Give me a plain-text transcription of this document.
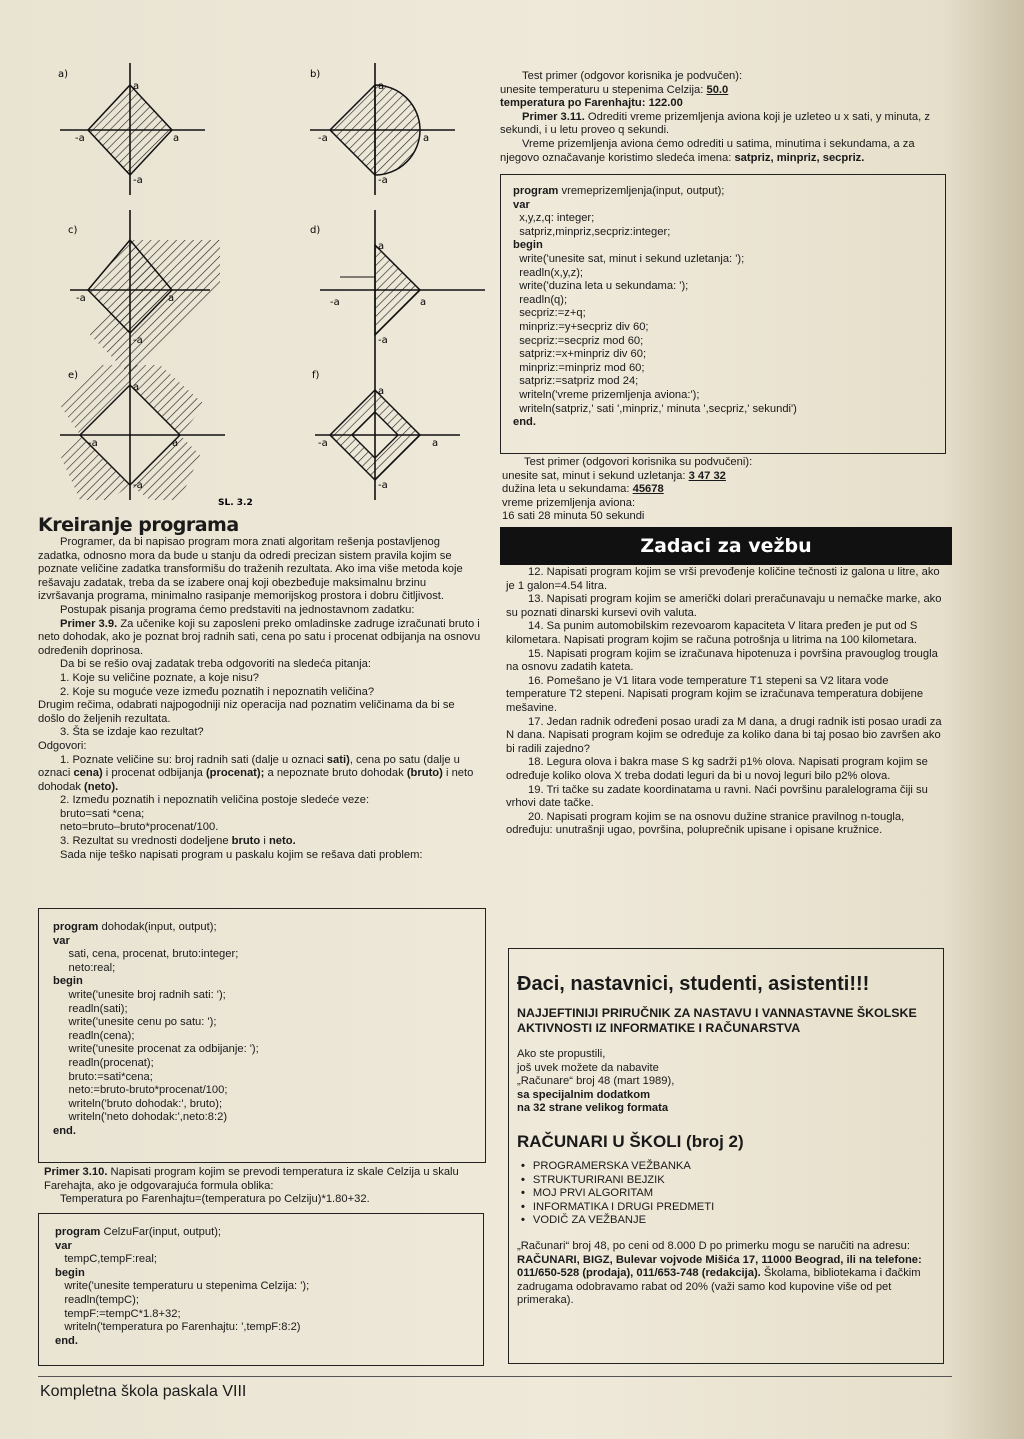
a)
a
-a	a
-a
b)
a
-a	a
-a
c)
-a	a
-a
d)
a
-a	a
-a
e)
a
-a	a
-a
f)
a
-a	a
-a
SL. 3.2
Kreiranje programa

Programer, da bi napisao program mora znati algoritam rešenja postavljenog zadatka, odnosno mora da bude u stanju da odredi precizan sistem pravila kojim se poznate veličine zadatka transformišu do traženih rezultata. Ako ima više metoda koje rešavaju zadatak, treba da se izabere onaj koji obezbeđuje maksimalnu brzinu izvršavanja programa, minimalno rasipanje memorijskog prostora i dobru čitljivost.

Postupak pisanja programa ćemo predstaviti na jednostavnom zadatku:

Primer 3.9. Za učenike koji su zaposleni preko omladinske zadruge izračunati bruto i neto dohodak, ako je poznat broj radnih sati, cena po satu i procenat odbijanja na osnovu određenih doprinosa.

Da bi se rešio ovaj zadatak treba odgovoriti na sledeća pitanja:

1. Koje su veličine poznate, a koje nisu?

2. Koje su moguće veze između poznatih i nepoznatih veličina?

Drugim rečima, odabrati najpogodniji niz operacija nad poznatim veličinama da bi se došlo do željenih rezultata.

3. Šta se izdaje kao rezultat?

Odgovori:

1. Poznate veličine su: broj radnih sati (dalje u oznaci sati), cena po satu (dalje u oznaci cena) i procenat odbijanja (procenat); a nepoznate bruto dohodak (bruto) i neto dohodak (neto).

2. Između poznatih i nepoznatih veličina postoje sledeće veze:

bruto=sati *cena;

neto=bruto–bruto*procenat/100.

3. Rezultat su vrednosti dodeljene bruto i neto.

Sada nije teško napisati program u paskalu kojim se rešava dati problem:

program dohodak(input, output);
var
sati, cena, procenat, bruto:integer;
neto:real;
begin
write('unesite broj radnih sati: ');
readln(sati);
write('unesite cenu po satu: ');
readln(cena);
write('unesite procenat za odbijanje: ');
readln(procenat);
bruto:=sati*cena;
neto:=bruto-bruto*procenat/100;
writeln('bruto dohodak:', bruto);
writeln('neto dohodak:',neto:8:2)
end.

Primer 3.10. Napisati program kojim se prevodi temperatura iz skale Celzija u skalu Farehajta, ako je odgovarajuća formula oblika:

Temperatura po Farenhajtu=(temperatura po Celziju)*1.80+32.

program CelzuFar(input, output);
var
tempC,tempF:real;
begin
write('unesite temperaturu u stepenima Celzija: ');
readln(tempC);
tempF:=tempC*1.8+32;
writeln('temperatura po Farenhajtu: ',tempF:8:2)
end.
Kompletna škola paskala VIII

Test primer (odgovor korisnika je podvučen):

unesite temperaturu u stepenima Celzija: 50.0

temperatura po Farenhajtu: 122.00

Primer 3.11. Odrediti vreme prizemljenja aviona koji je uzleteo u x sati, y minuta, z sekundi, i u letu proveo q sekundi.

Vreme prizemljenja aviona ćemo odrediti u satima, minutima i sekundama, a za njegovo označavanje koristimo sledeća imena: satpriz, minpriz, secpriz.

program vremeprizemljenja(input, output);
var
x,y,z,q: integer;
satpriz,minpriz,secpriz:integer;
begin
write('unesite sat, minut i sekund uzletanja: ');
readln(x,y,z);
write('duzina leta u sekundama: ');
readln(q);
secpriz:=z+q;
minpriz:=y+secpriz div 60;
secpriz:=secpriz mod 60;
satpriz:=x+minpriz div 60;
minpriz:=minpriz mod 60;
satpriz:=satpriz mod 24;
writeln('vreme prizemljenja aviona:');
writeln(satpriz,' sati ',minpriz,' minuta ',secpriz,' sekundi')
end.

Test primer (odgovori korisnika su podvučeni):

unesite sat, minut i sekund uzletanja: 3 47 32

dužina leta u sekundama: 45678

vreme prizemljenja aviona:

16 sati 28 minuta 50 sekundi

Zadaci za vežbu

12. Napisati program kojim se vrši prevođenje količine tečnosti iz galona u litre, ako je 1 galon=4.54 litra.

13. Napisati program kojim se američki dolari preračunavaju u nemačke marke, ako su poznati dinarski kursevi ovih valuta.

14. Sa punim automobilskim rezevoarom kapaciteta V litara pređen je put od S kilometara. Napisati program kojim se računa potrošnja u litrima na 100 kilometara.

15. Napisati program kojim se izračunava hipotenuza i površina pravouglog trougla na osnovu zadatih kateta.

16. Pomešano je V1 litara vode temperature T1 stepeni sa V2 litara vode temperature T2 stepeni. Napisati program kojim se izračunava temperatura dobijene mešavine.

17. Jedan radnik određeni posao uradi za M dana, a drugi radnik isti posao uradi za N dana. Napisati program kojim se određuje za koliko dana bi taj posao bio završen ako bi radili zajedno?

18. Legura olova i bakra mase S kg sadrži p1% olova. Napisati program kojim se određuje koliko olova X treba dodati leguri da bi u novoj leguri bilo p2% olova.

19. Tri tačke su zadate koordinatama u ravni. Naći površinu paralelograma čiji su vrhovi date tačke.

20. Napisati program kojim se na osnovu dužine stranice pravilnog n-tougla, određuju: unutrašnji ugao, površina, poluprečnik upisane i opisane kružnice.

Đaci, nastavnici, studenti, asistenti!!!
NAJJEFTINIJI PRIRUČNIK ZA NASTAVU I VANNASTAVNE ŠKOLSKE AKTIVNOSTI IZ INFORMATIKE I RAČUNARSTVA

Ako ste propustili,

još uvek možete da nabavite

„Računare“ broj 48 (mart 1989),

sa specijalnim dodatkom

na 32 strane velikog formata

RAČUNARI U ŠKOLI (broj 2)
• PROGRAMERSKA VEŽBANKA
• STRUKTURIRANI BEJZIK
• MOJ PRVI ALGORITAM
• INFORMATIKA I DRUGI PREDMETI
• VODIČ ZA VEŽBANJE

„Računari“ broj 48, po ceni od 8.000 D po primerku mogu se naručiti na adresu: RAČUNARI, BIGZ, Bulevar vojvode Mišića 17, 11000 Beograd, ili na telefone: 011/650-528 (prodaja), 011/653-748 (redakcija). Školama, bibliotekama i đačkim zadrugama odobravamo rabat od 20% (važi samo kod kupovine više od pet primeraka).
